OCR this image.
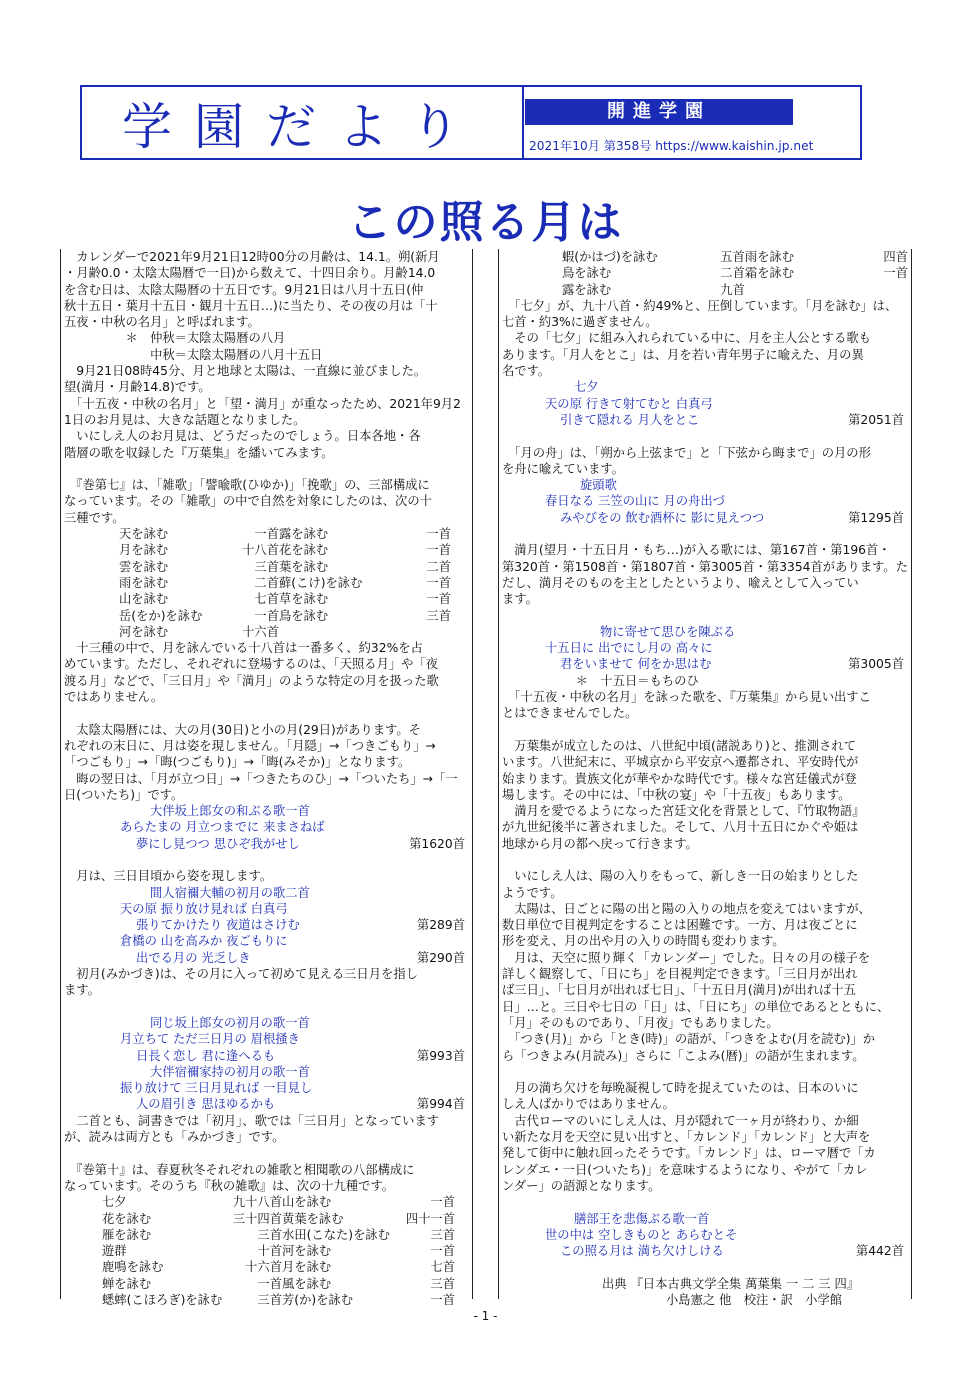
学園だより	開進学園
2021年10月 第358号 https://www.kaishin.jp.net
この照る月は
　カレンダーで2021年9月21日12時00分の月齢は、14.1。朔(新月
・月齢0.0・太陰太陽暦で一日)から数えて、十四日余り。月齢14.0
を含む日は、太陰太陽暦の十五日です。9月21日は八月十五日(仲
秋十五日・葉月十五日・観月十五日…)に当たり、その夜の月は「十
五夜・中秋の名月」と呼ばれます。
　　　　　＊　仲秋＝太陰太陽暦の八月
　　　　　　　中秋＝太陰太陽暦の八月十五日
　9月21日08時45分、月と地球と太陽は、一直線に並びました。
望(満月・月齢14.8)です。
　「十五夜・中秋の名月」と「望・満月」が重なったため、2021年9月2
1日のお月見は、大きな話題となりました。
　いにしえ人のお月見は、どうだったのでしょう。日本各地・各
階層の歌を収録した『万葉集』を繙いてみます。
　『巻第七』は、「雑歌」「譬喩歌(ひゆか)」「挽歌」の、三部構成に
なっています。その「雑歌」の中で自然を対象にしたのは、次の十
三種です。
天を詠む	一首 露を詠む	一首
月を詠む	十八首 花を詠む	一首
雲を詠む	三首 葉を詠む	二首
雨を詠む	二首 蘚(こけ)を詠む	一首
山を詠む	七首 草を詠む	一首
岳(をか)を詠む	一首 鳥を詠む	三首
河を詠む	十六首
　十三種の中で、月を詠んでいる十八首は一番多く、約32%を占
めています。ただし、それぞれに登場するのは、「天照る月」や「夜
渡る月」などで、「三日月」や「満月」のような特定の月を扱った歌
ではありません。
　太陰太陽暦には、大の月(30日)と小の月(29日)があります。そ
れぞれの末日に、月は姿を現しません。「月隠」→「つきごもり」→
「つごもり」→「晦(つごもり)」→「晦(みそか)」となります。
　晦の翌日は、「月が立つ日」→「つきたちのひ」→「ついたち」→「一
日(ついたち)」です。
大伴坂上郎女の和ぶる歌一首
あらたまの 月立つまでに 来まさねば
夢にし見つつ 思ひぞ我がせし	第1620首
　月は、三日目頃から姿を現します。
間人宿禰大輔の初月の歌二首
天の原 振り放け見れば 白真弓
張りてかけたり 夜道はさけむ	第289首
倉橋の 山を高みか 夜ごもりに
出でる月の 光乏しき	第290首
　初月(みかづき)は、その月に入って初めて見える三日月を指し
ます。
同じ坂上郎女の初月の歌一首
月立ちて ただ三日月の 眉根掻き
日長く恋し 君に逢へるも	第993首
大伴宿禰家持の初月の歌一首
振り放けて 三日月見れば 一目見し
人の眉引き 思ほゆるかも	第994首
　二首とも、詞書きでは「初月」、歌では「三日月」となっています
が、読みは両方とも「みかづき」です。
　『巻第十』は、春夏秋冬それぞれの雑歌と相聞歌の八部構成に
なっています。そのうち『秋の雑歌』は、次の十九種です。
七夕	九十八首 山を詠む	一首
花を詠む	三十四首 黄葉を詠む	四十一首
雁を詠む	三首 水田(こなた)を詠む	三首
遊群	十首 河を詠む	一首
鹿鳴を詠む	十六首 月を詠む	七首
蝉を詠む	一首 風を詠む	三首
蟋蟀(こほろぎ)を詠む	三首 芳(か)を詠む	一首
蝦(かはづ)を詠む	五首 雨を詠む	四首
鳥を詠む	二首 霜を詠む	一首
露を詠む	九首
　「七夕」が、九十八首・約49%と、圧倒しています。「月を詠む」は、
七首・約3%に過ぎません。
　その「七夕」に組み入れられている中に、月を主人公とする歌も
あります。「月人をとこ」は、月を若い青年男子に喩えた、月の異
名です。
七夕
天の原 行きて射てむと 白真弓
引きて隠れる 月人をとこ	第2051首
　「月の舟」は、「朔から上弦まで」と「下弦から晦まで」の月の形
を舟に喩えています。
旋頭歌
春日なる 三笠の山に 月の舟出づ
みやびをの 飲む酒杯に 影に見えつつ	第1295首
　満月(望月・十五日月・もち…)が入る歌には、第167首・第196首・
第320首・第1508首・第1807首・第3005首・第3354首があります。た
だし、満月そのものを主としたというより、喩えとして入ってい
ます。
物に寄せて思ひを陳ぶる
十五日に 出でにし月の 高々に
君をいませて 何をか思はむ	第3005首
　　　　　　＊　十五日＝もちのひ
　「十五夜・中秋の名月」を詠った歌を、『万葉集』から見い出すこ
とはできませんでした。
　万葉集が成立したのは、八世紀中頃(諸説あり)と、推測されて
います。八世紀末に、平城京から平安京へ遷都され、平安時代が
始まります。貴族文化が華やかな時代です。様々な宮廷儀式が登
場します。その中には、「中秋の宴」や「十五夜」もあります。
　満月を愛でるようになった宮廷文化を背景として、『竹取物語』
が九世紀後半に著されました。そして、八月十五日にかぐや姫は
地球から月の都へ戻って行きます。
　いにしえ人は、陽の入りをもって、新しき一日の始まりとした
ようです。
　太陽は、日ごとに陽の出と陽の入りの地点を変えてはいますが、
数日単位で目視判定をすることは困難です。一方、月は夜ごとに
形を変え、月の出や月の入りの時間も変わります。
　月は、天空に照り輝く「カレンダー」でした。日々の月の様子を
詳しく観察して、「日にち」を目視判定できます。「三日月が出れ
ば三日」、「七日月が出れば七日」、「十五日月(満月)が出れば十五
日」…と。三日や七日の「日」は、「日にち」の単位であるとともに、
「月」そのものであり、「月夜」でもありました。
　「つき(月)」から「とき(時)」の語が、「つきをよむ(月を読む)」か
ら「つきよみ(月読み)」さらに「こよみ(暦)」の語が生まれます。
　月の満ち欠けを毎晩凝視して時を捉えていたのは、日本のいに
しえ人ばかりではありません。
　古代ローマのいにしえ人は、月が隠れて一ヶ月が終わり、か細
い新たな月を天空に見い出すと、「カレンド」「カレンド」と大声を
発して街中に触れ回ったそうです。「カレンド」は、ローマ暦で「カ
レンダエ・一日(ついたち)」を意味するようになり、やがて「カレ
ンダー」の語源となります。
膳部王を悲傷ぶる歌一首
世の中は 空しきものと あらむとそ
この照る月は 満ち欠けしける	第442首
出典 『日本古典文学全集 萬葉集 一 二 三 四』
小島憲之 他　校注・訳　小学館
- 1 -
